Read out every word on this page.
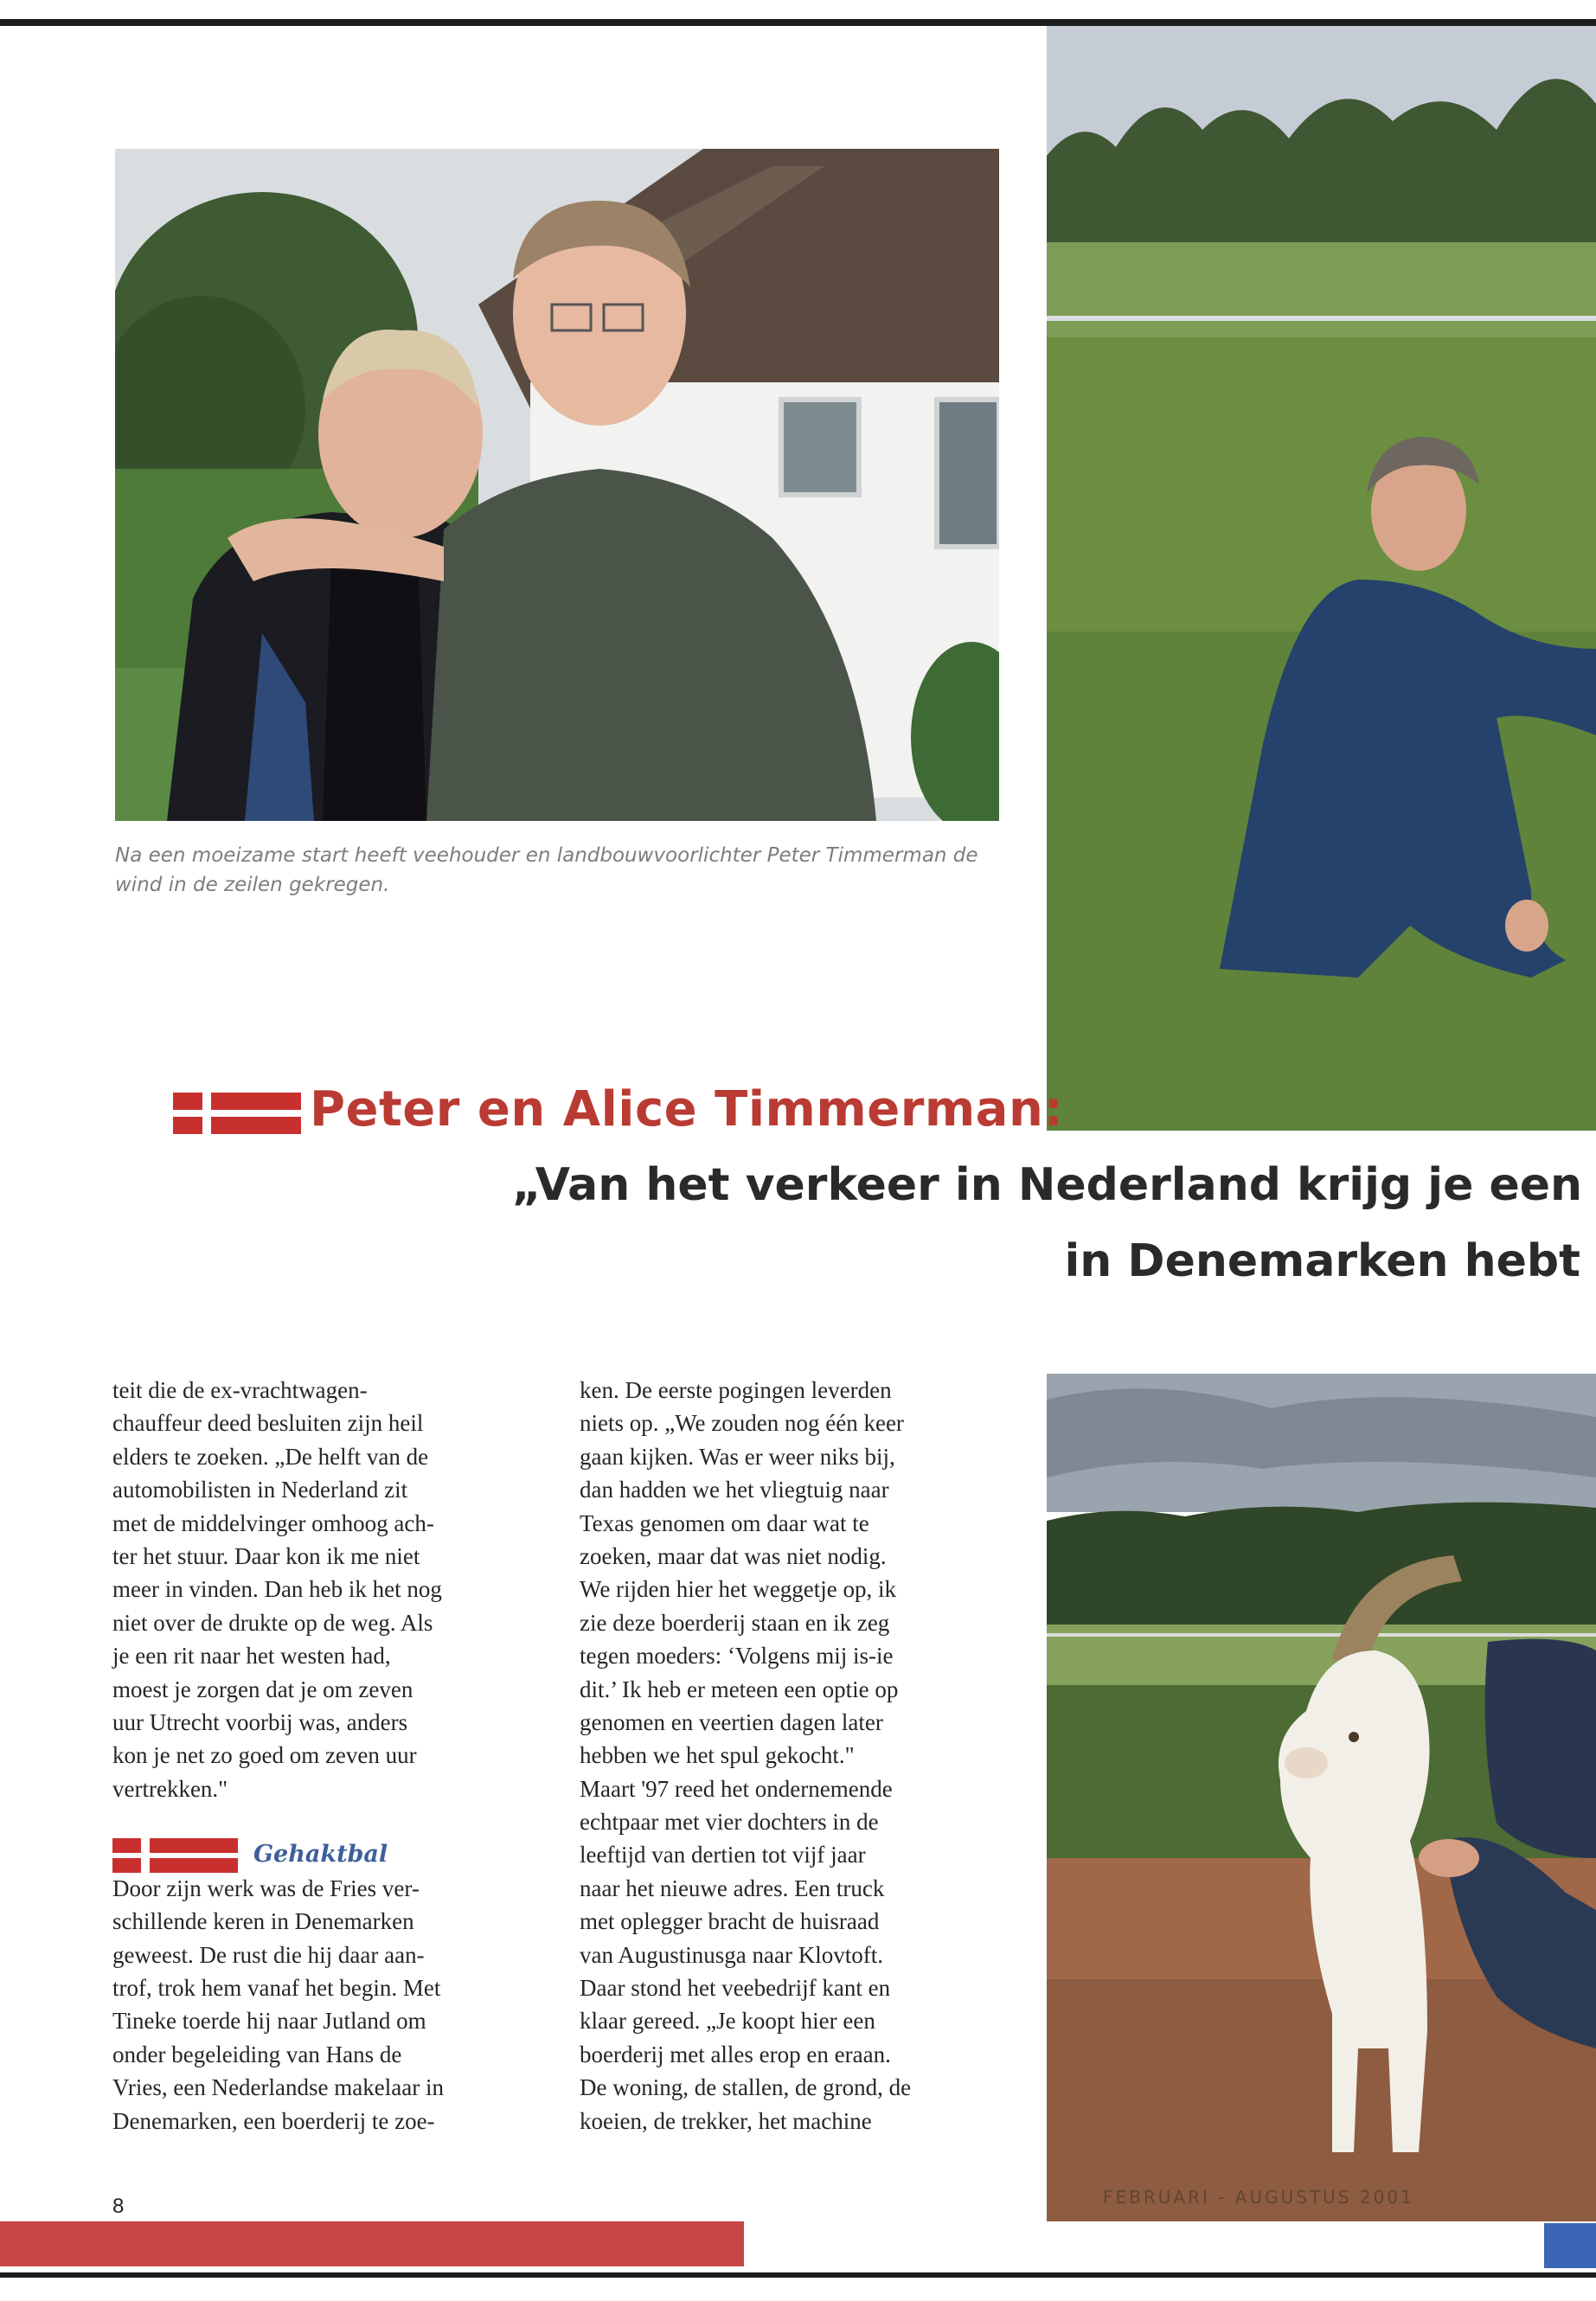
Na een moeizame start heeft veehouder en landbouwvoorlichter Peter Timmerman de wind in de zeilen gekregen.

Peter en Alice Timmerman:
„Van het verkeer in Nederland krijg je een
in Denemarken hebt
teit die de ex-vrachtwagen-
chauffeur deed besluiten zijn heil
elders te zoeken. „De helft van de
automobilisten in Nederland zit
met de middelvinger omhoog ach-
ter het stuur. Daar kon ik me niet
meer in vinden. Dan heb ik het nog
niet over de drukte op de weg. Als
je een rit naar het westen had,
moest je zorgen dat je om zeven
uur Utrecht voorbij was, anders
kon je net zo goed om zeven uur
vertrekken."
Gehaktbal
Door zijn werk was de Fries ver-
schillende keren in Denemarken
geweest. De rust die hij daar aan-
trof, trok hem vanaf het begin. Met
Tineke toerde hij naar Jutland om
onder begeleiding van Hans de
Vries, een Nederlandse makelaar in
Denemarken, een boerderij te zoe-
ken. De eerste pogingen leverden
niets op. „We zouden nog één keer
gaan kijken. Was er weer niks bij,
dan hadden we het vliegtuig naar
Texas genomen om daar wat te
zoeken, maar dat was niet nodig.
We rijden hier het weggetje op, ik
zie deze boerderij staan en ik zeg
tegen moeders: ‘Volgens mij is-ie
dit.’ Ik heb er meteen een optie op
genomen en veertien dagen later
hebben we het spul gekocht."
Maart '97 reed het ondernemende
echtpaar met vier dochters in de
leeftijd van dertien tot vijf jaar
naar het nieuwe adres. Een truck
met oplegger bracht de huisraad
van Augustinusga naar Klovtoft.
Daar stond het veebedrijf kant en
klaar gereed. „Je koopt hier een
boerderij met alles erop en eraan.
De woning, de stallen, de grond, de
koeien, de trekker, het machine
FEBRUARI - AUGUSTUS 2001

8
